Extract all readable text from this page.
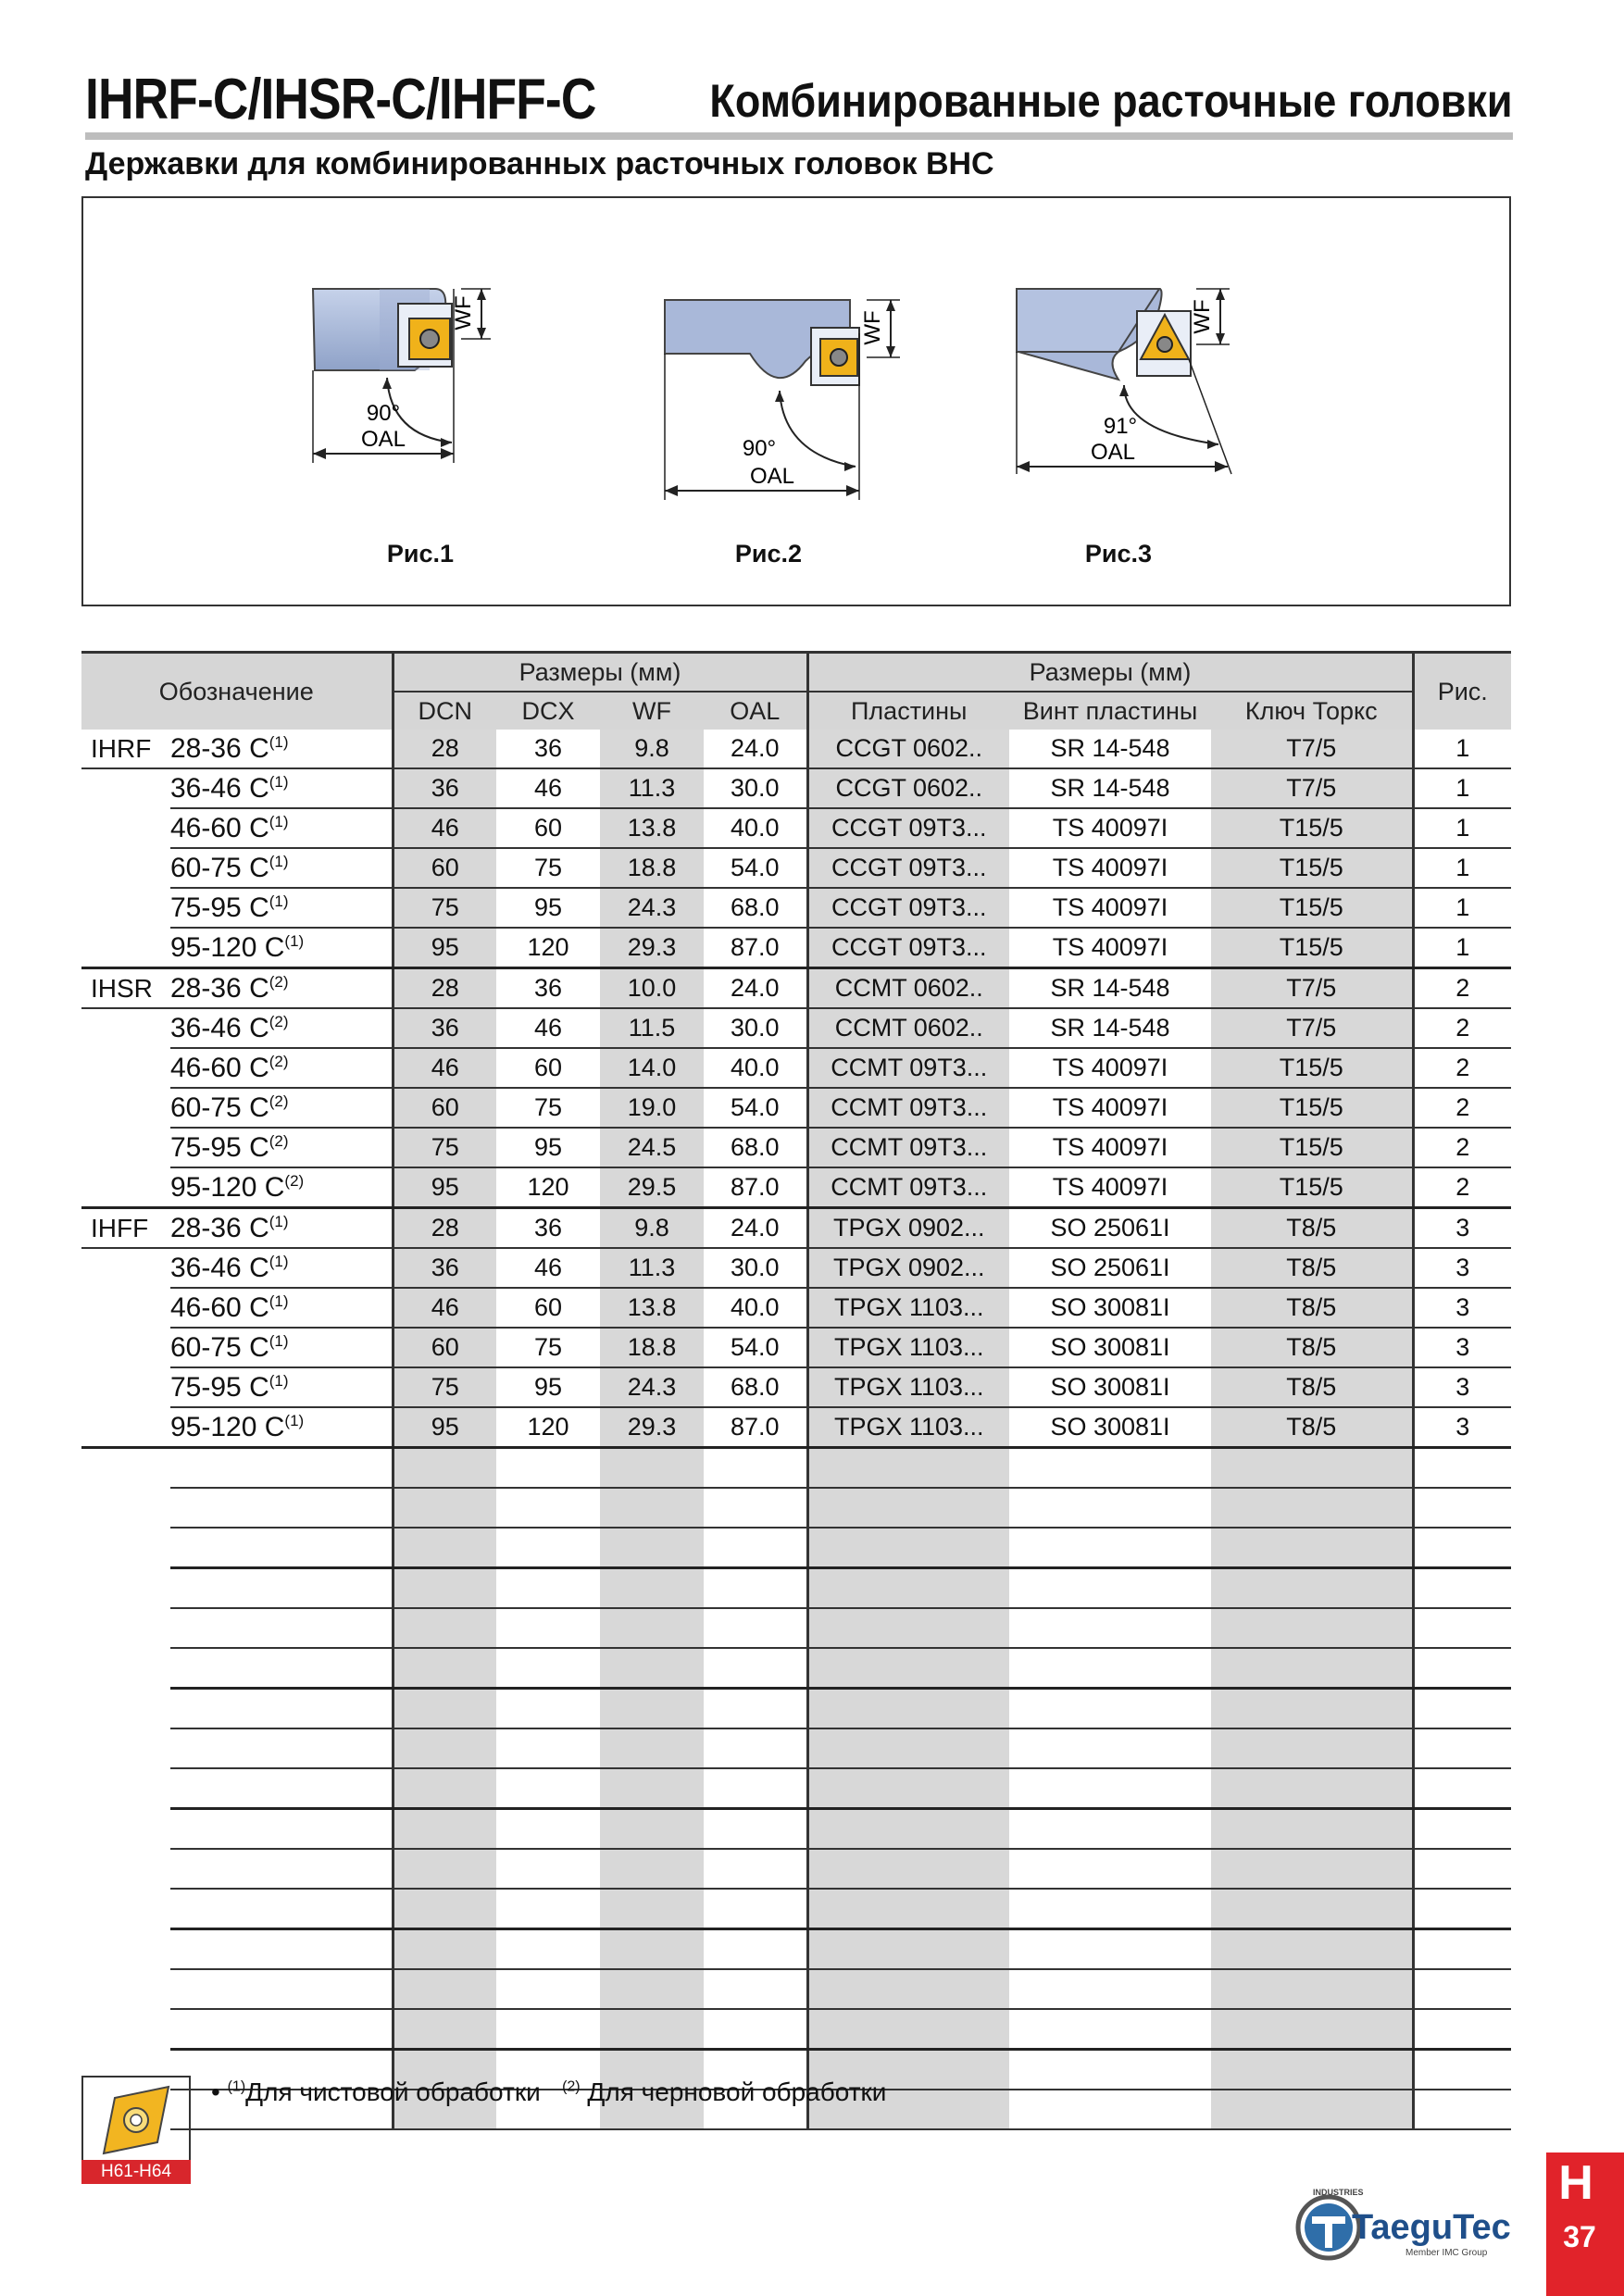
IHRF-C/IHSR-C/IHFF-C Комбинированные расточные головки
Державки для комбинированных расточных головок BHC
WF
90°
OAL
Рис.1
WF
90°
OAL
Рис.2
WF
91°
OAL
Рис.3
Обозначение		Размеры (мм)				Размеры (мм)			Рис.
		DCN	DCX	WF	OAL	Пластины	Винт пластины	Ключ Торкс	
IHRF	28-36 $C^{(1)}$	28	36	9.8	24.0	CCGT 0602..	SR 14-548	T7/5	1
	36-46 $C^{(1)}$	36	46	11.3	30.0	CCGT 0602..	SR 14-548	T7/5	1
	46-60 $C^{(1)}$	46	60	13.8	40.0	CCGT 09T3...	TS 40097I	T15/5	1
	60-75 $C^{(1)}$	60	75	18.8	54.0	CCGT 09T3...	TS 40097I	T15/5	1
	75-95 $C^{(1)}$	75	95	24.3	68.0	CCGT 09T3...	TS 40097I	T15/5	1
	95-120 $C^{(1)}$	95	120	29.3	87.0	CCGT 09T3...	TS 40097I	T15/5	1
IHSR	28-36 $C^{(2)}$	28	36	10.0	24.0	CCMT 0602..	SR 14-548	T7/5	2
	36-46 $C^{(2)}$	36	46	11.5	30.0	CCMT 0602..	SR 14-548	T7/5	2
	46-60 $C^{(2)}$	46	60	14.0	40.0	CCMT 09T3...	TS 40097I	T15/5	2
	60-75 $C^{(2)}$	60	75	19.0	54.0	CCMT 09T3...	TS 40097I	T15/5	2
	75-95 $C^{(2)}$	75	95	24.5	68.0	CCMT 09T3...	TS 40097I	T15/5	2
	95-120 $C^{(2)}$	95	120	29.5	87.0	CCMT 09T3...	TS 40097I	T15/5	2
IHFF	28-36 $C^{(1)}$	28	36	9.8	24.0	TPGX 0902...	SO 25061I	T8/5	3
	36-46 $C^{(1)}$	36	46	11.3	30.0	TPGX 0902...	SO 25061I	T8/5	3
	46-60 $C^{(1)}$	46	60	13.8	40.0	TPGX 1103...	SO 30081I	T8/5	3
	60-75 $C^{(1)}$	60	75	18.8	54.0	TPGX 1103...	SO 30081I	T8/5	3
	75-95 $C^{(1)}$	75	95	24.3	68.0	TPGX 1103...	SO 30081I	T8/5	3
	95-120 $C^{(1)}$	95	120	29.3	87.0	TPGX 1103...	SO 30081I	T8/5	3

H61-H64
• $^{(1)}$Для чистовой обработки $^{(2)}$ Для черновой обработки
H
37
INDUSTRIES
TaeguTec
Member IMC Group
